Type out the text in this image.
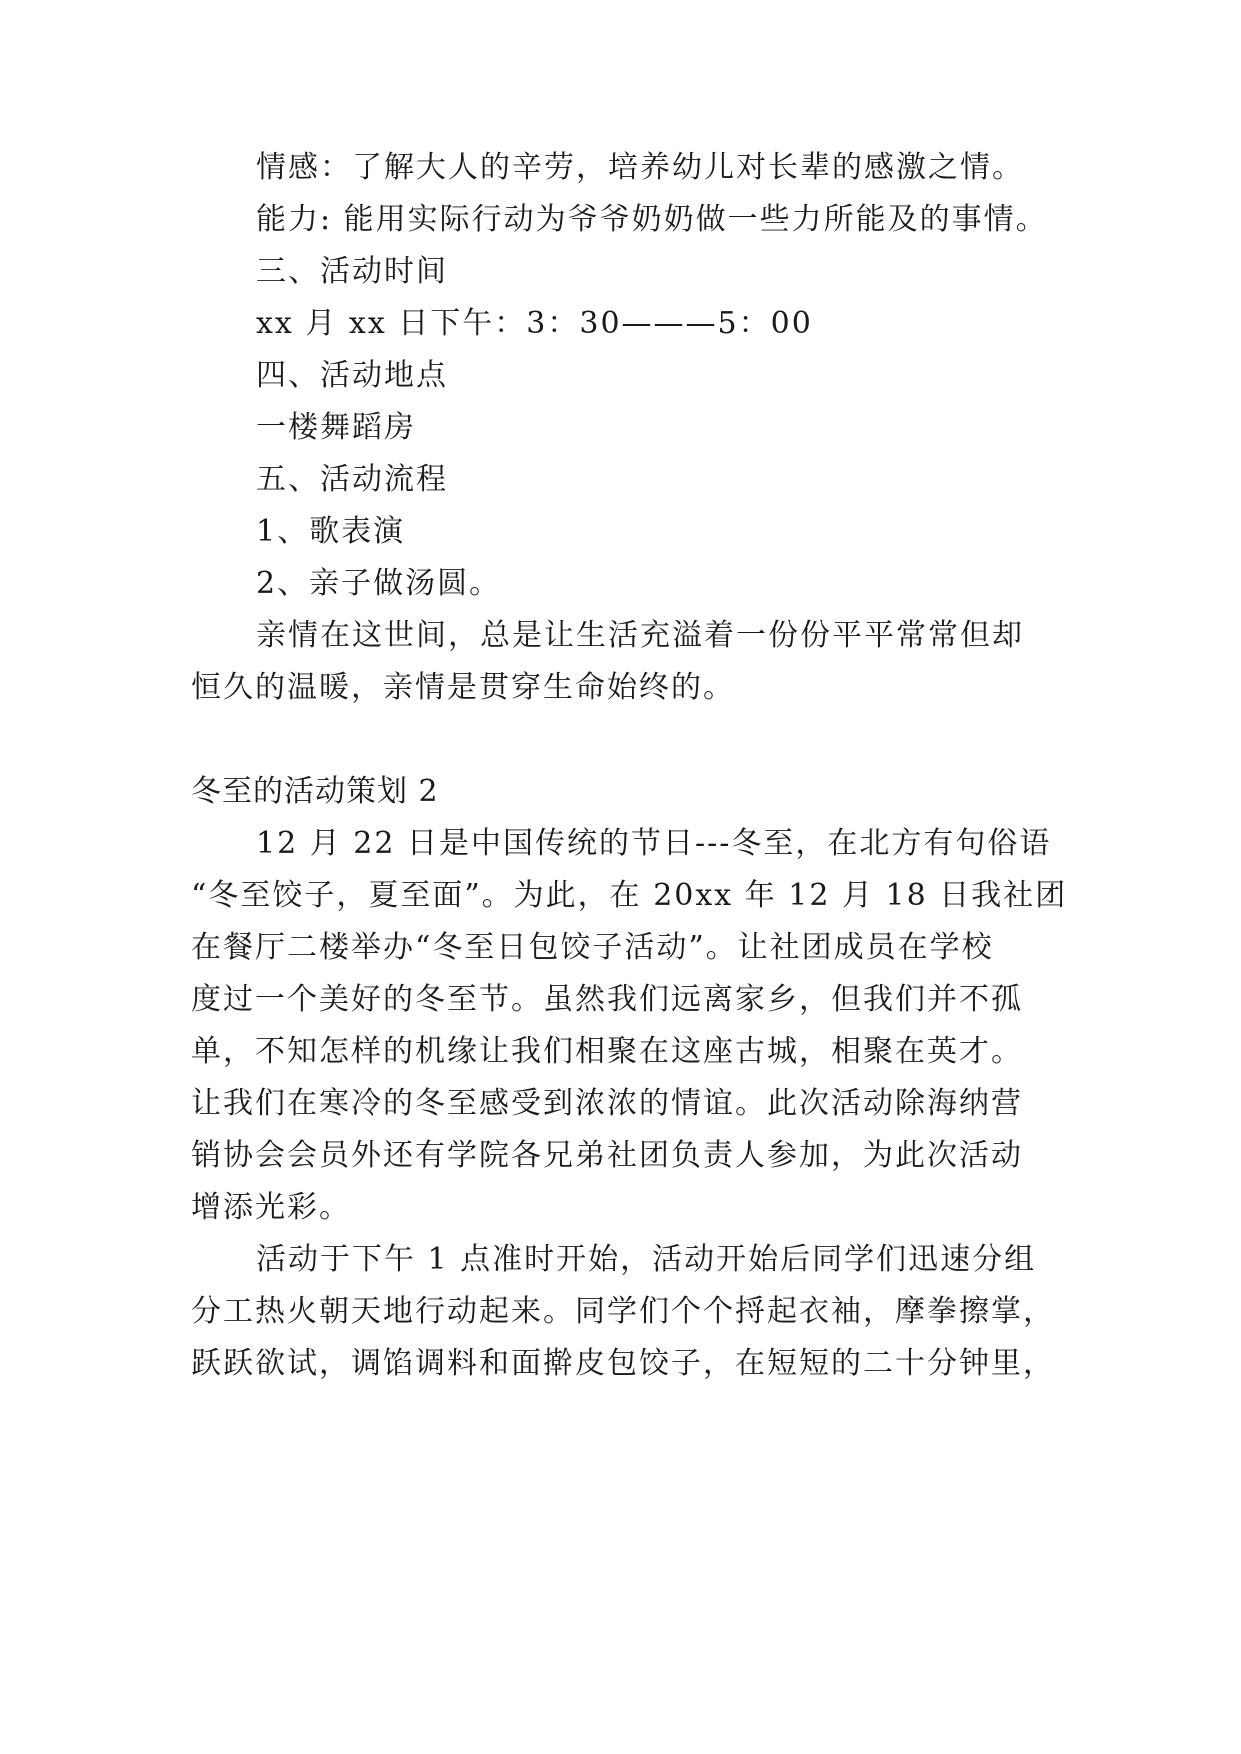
情感：了解大人的辛劳，培养幼儿对长辈的感激之情。
能力: 能用实际行动为爷爷奶奶做一些力所能及的事情。
三、活动时间
xx 月 xx 日下午：3：30———5：00
四、活动地点
一楼舞蹈房
五、活动流程
1、歌表演
2、亲子做汤圆。
亲情在这世间，总是让生活充溢着一份份平平常常但却
恒久的温暖，亲情是贯穿生命始终的。
冬至的活动策划 2
12 月 22 日是中国传统的节日---冬至，在北方有句俗语
“冬至饺子，夏至面”。为此，在 20xx 年 12 月 18 日我社团
在餐厅二楼举办“冬至日包饺子活动”。让社团成员在学校
度过一个美好的冬至节。虽然我们远离家乡，但我们并不孤
单，不知怎样的机缘让我们相聚在这座古城，相聚在英才。
让我们在寒冷的冬至感受到浓浓的情谊。此次活动除海纳营
销协会会员外还有学院各兄弟社团负责人参加，为此次活动
增添光彩。
活动于下午 1 点准时开始，活动开始后同学们迅速分组
分工热火朝天地行动起来。同学们个个捋起衣袖，摩拳擦掌，
跃跃欲试，调馅调料和面擀皮包饺子，在短短的二十分钟里，
